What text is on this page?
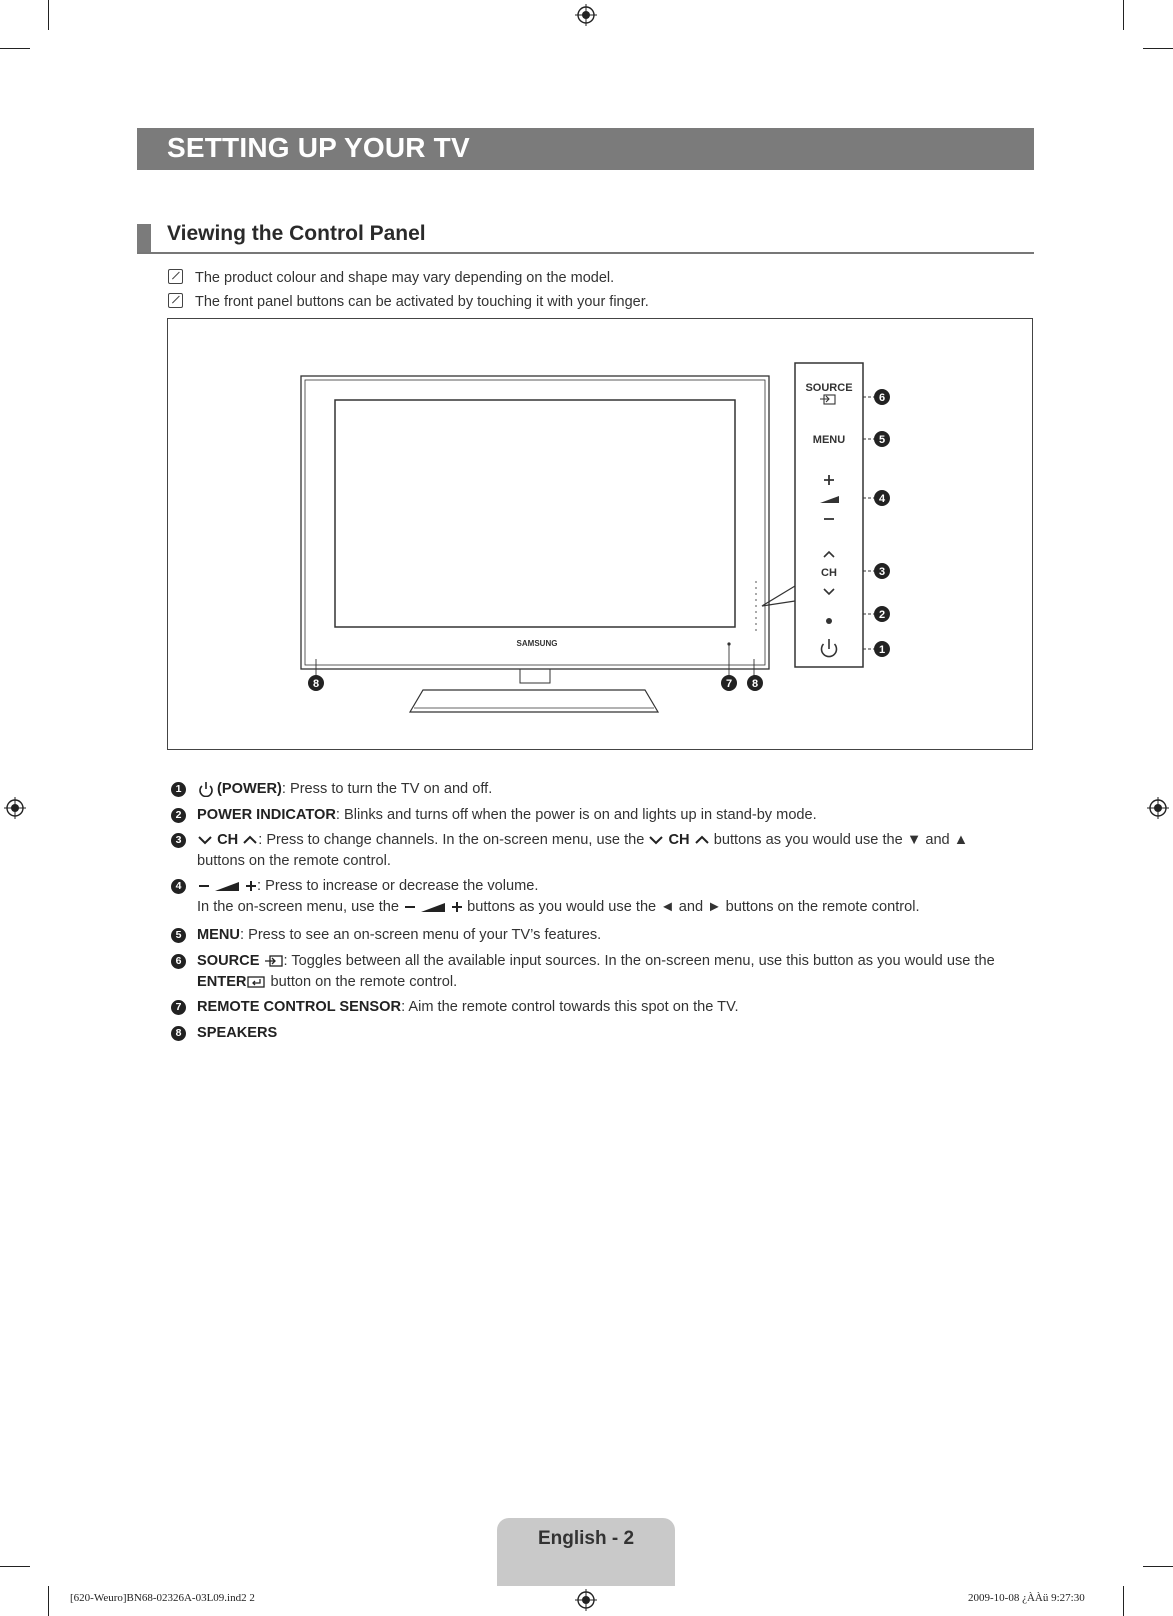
SETTING UP YOUR TV
Viewing the Control Panel
The product colour and shape may vary depending on the model.
The front panel buttons can be activated by touching it with your finger.
SAMSUNG
SOURCE
MENU
CH
6
5
4
3
2
1
8	7 8
1	(POWER): Press to turn the TV on and off.
2	POWER INDICATOR: Blinks and turns off when the power is on and lights up in stand-by mode.
3	CH : Press to change channels. In the on-screen menu, use the CH buttons as you would use the ▼ and ▲
buttons on the remote control.
4	: Press to increase or decrease the volume.
In the on-screen menu, use the	buttons as you would use the ◄ and ► buttons on the remote control.
5	MENU: Press to see an on-screen menu of your TV’s features.
6	SOURCE : Toggles between all the available input sources. In the on-screen menu, use this button as you would use the
ENTER button on the remote control.
7	REMOTE CONTROL SENSOR: Aim the remote control towards this spot on the TV.
8	SPEAKERS
English - 2
[620-Weuro]BN68-02326A-03L09.ind2 2	2009-10-08 ¿ÀÀü 9:27:30
